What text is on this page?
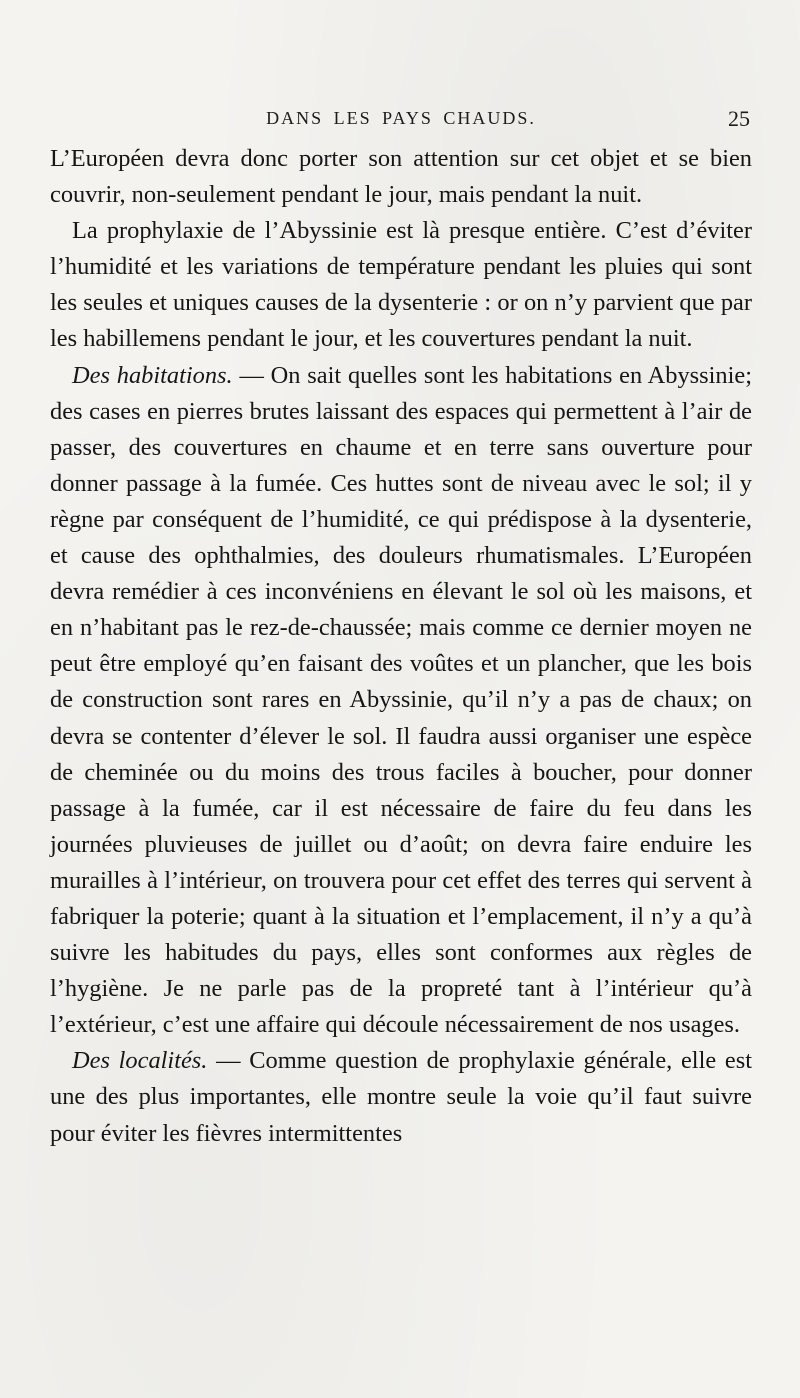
DANS LES PAYS CHAUDS.	25

L’Européen devra donc porter son attention sur cet objet et se bien couvrir, non-seulement pendant le jour, mais pendant la nuit.

La prophylaxie de l’Abyssinie est là presque entière. C’est d’éviter l’humidité et les variations de température pendant les pluies qui sont les seules et uniques causes de la dysenterie : or on n’y parvient que par les habillemens pendant le jour, et les couvertures pendant la nuit.

Des habitations. — On sait quelles sont les habitations en Abyssinie; des cases en pierres brutes laissant des espaces qui permettent à l’air de passer, des couvertures en chaume et en terre sans ouverture pour donner passage à la fumée. Ces huttes sont de niveau avec le sol; il y règne par conséquent de l’humidité, ce qui prédispose à la dysenterie, et cause des ophthalmies, des douleurs rhumatismales. L’Européen devra remédier à ces inconvéniens en élevant le sol où les maisons, et en n’habitant pas le rez-de-chaussée; mais comme ce dernier moyen ne peut être employé qu’en faisant des voûtes et un plancher, que les bois de construction sont rares en Abyssinie, qu’il n’y a pas de chaux; on devra se contenter d’élever le sol. Il faudra aussi organiser une espèce de cheminée ou du moins des trous faciles à boucher, pour donner passage à la fumée, car il est nécessaire de faire du feu dans les journées pluvieuses de juillet ou d’août; on devra faire enduire les murailles à l’intérieur, on trouvera pour cet effet des terres qui servent à fabriquer la poterie; quant à la situation et l’emplacement, il n’y a qu’à suivre les habitudes du pays, elles sont conformes aux règles de l’hygiène. Je ne parle pas de la propreté tant à l’intérieur qu’à l’extérieur, c’est une affaire qui découle nécessairement de nos usages.

Des localités. — Comme question de prophylaxie générale, elle est une des plus importantes, elle montre seule la voie qu’il faut suivre pour éviter les fièvres intermittentes
